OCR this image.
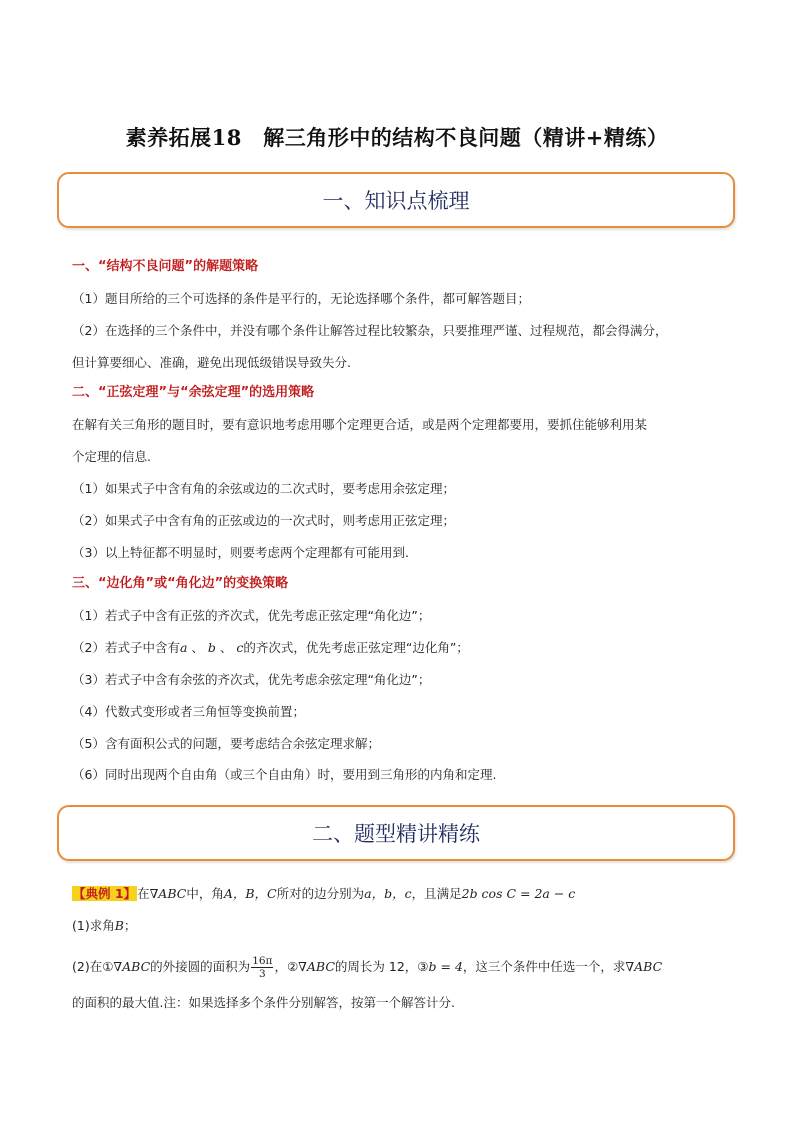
素养拓展18　解三角形中的结构不良问题（精讲+精练）
一、知识点梳理
一、“结构不良问题”的解题策略
（1）题目所给的三个可选择的条件是平行的，无论选择哪个条件，都可解答题目；
（2）在选择的三个条件中，并没有哪个条件让解答过程比较繁杂，只要推理严谨、过程规范，都会得满分，
但计算要细心、准确，避免出现低级错误导致失分.
二、“正弦定理”与“余弦定理”的选用策略
在解有关三角形的题目时，要有意识地考虑用哪个定理更合适，或是两个定理都要用，要抓住能够利用某
个定理的信息.
（1）如果式子中含有角的余弦或边的二次式时，要考虑用余弦定理；
（2）如果式子中含有角的正弦或边的一次式时，则考虑用正弦定理；
（3）以上特征都不明显时，则要考虑两个定理都有可能用到.
三、“边化角”或“角化边”的变换策略
（1）若式子中含有正弦的齐次式，优先考虑正弦定理“角化边”；
（2）若式子中含有a 、 b 、 c的齐次式，优先考虑正弦定理“边化角”；
（3）若式子中含有余弦的齐次式，优先考虑余弦定理“角化边”；
（4）代数式变形或者三角恒等变换前置；
（5）含有面积公式的问题，要考虑结合余弦定理求解；
（6）同时出现两个自由角（或三个自由角）时，要用到三角形的内角和定理.
二、题型精讲精练
【典例 1】在∇ABC中，角A，B，C所对的边分别为a，b，c，且满足2b cos C = 2a − c
(1)求角B；
(2)在①∇ABC的外接圆的面积为 $\frac{16\pi}{3}$ ，②∇ABC的周长为 12，③b = 4，这三个条件中任选一个，求∇ABC
的面积的最大值.注：如果选择多个条件分别解答，按第一个解答计分.
